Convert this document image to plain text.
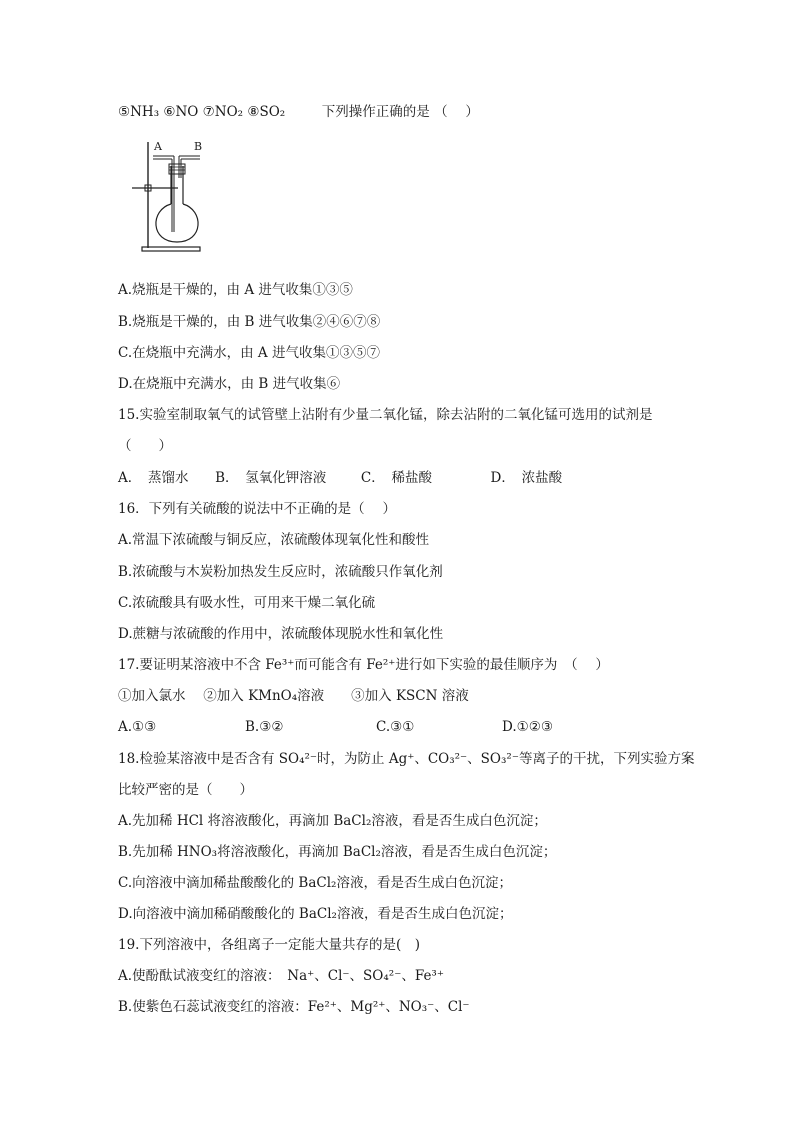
⑤NH₃ ⑥NO ⑦NO₂ ⑧SO₂	下列操作正确的是 （　 ）
A	B
A.烧瓶是干燥的，由 A 进气收集①③⑤
B.烧瓶是干燥的，由 B 进气收集②④⑥⑦⑧
C.在烧瓶中充满水，由 A 进气收集①③⑤⑦
D.在烧瓶中充满水，由 B 进气收集⑥
15.实验室制取氧气的试管壁上沾附有少量二氧化锰，除去沾附的二氧化锰可选用的试剂是
（　　）
A．　蒸馏水 B．　氢氧化钾溶液	C．　稀盐酸	D．　浓盐酸
16．下列有关硫酸的说法中不正确的是（　 ）
A.常温下浓硫酸与铜反应，浓硫酸体现氧化性和酸性
B.浓硫酸与木炭粉加热发生反应时，浓硫酸只作氧化剂
C.浓硫酸具有吸水性，可用来干燥二氧化硫
D.蔗糖与浓硫酸的作用中，浓硫酸体现脱水性和氧化性
17.要证明某溶液中不含 Fe³⁺而可能含有 Fe²⁺进行如下实验的最佳顺序为　（　 ）
①加入氯水　 ②加入 KMnO₄溶液　　③加入 KSCN 溶液
A.①③	B.③②	C.③①	D.①②③
18.检验某溶液中是否含有 SO₄²⁻时，为防止 Ag⁺、CO₃²⁻、SO₃²⁻等离子的干扰，下列实验方案
比较严密的是（　　）
A.先加稀 HCl 将溶液酸化，再滴加 BaCl₂溶液，看是否生成白色沉淀；
B.先加稀 HNO₃将溶液酸化，再滴加 BaCl₂溶液，看是否生成白色沉淀；
C.向溶液中滴加稀盐酸酸化的 BaCl₂溶液，看是否生成白色沉淀；
D.向溶液中滴加稀硝酸酸化的 BaCl₂溶液，看是否生成白色沉淀；
19.下列溶液中，各组离子一定能大量共存的是(　)
A.使酚酞试液变红的溶液：　Na⁺、Cl⁻、SO₄²⁻、Fe³⁺
B.使紫色石蕊试液变红的溶液：Fe²⁺、Mg²⁺、NO₃⁻、Cl⁻
